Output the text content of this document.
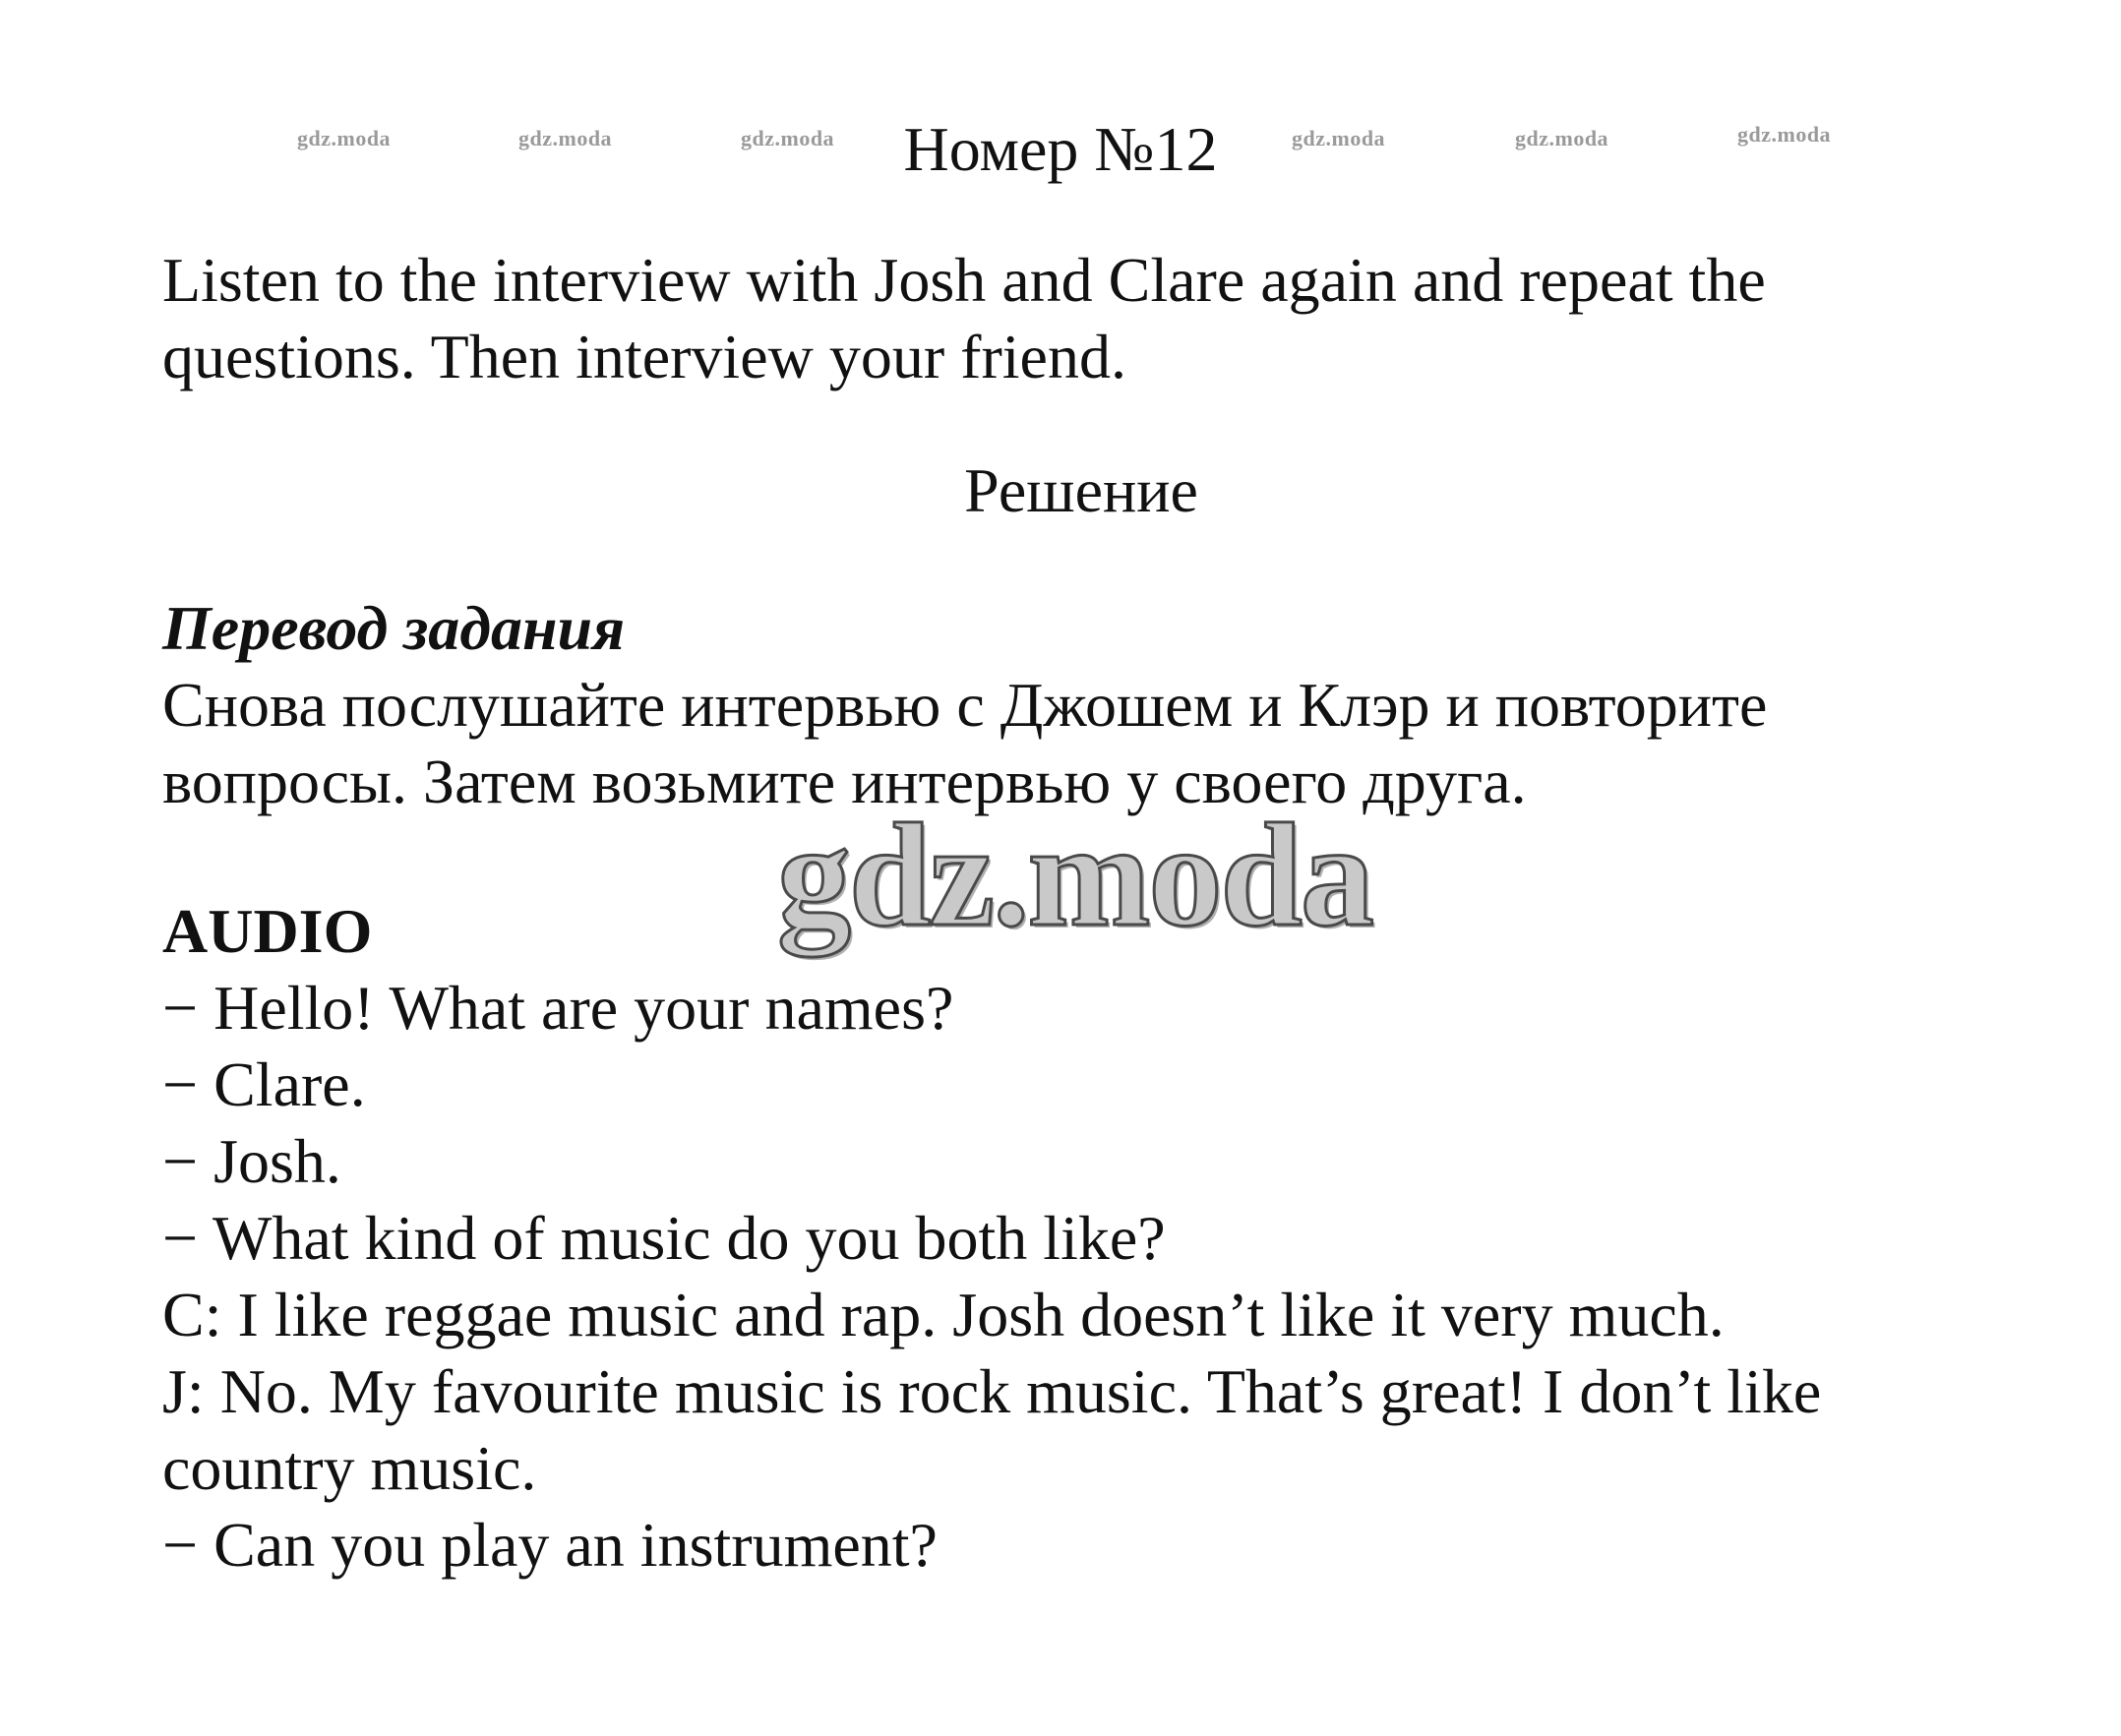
gdz.moda	gdz.moda	gdz.moda	gdz.moda	gdz.moda	gdz.moda
Номер №12
Listen to the interview with Josh and Clare again and repeat the
questions. Then interview your friend.
Решение
Перевод задания
Снова послушайте интервью с Джошем и Клэр и повторите
вопросы. Затем возьмите интервью у своего друга.
gdz.moda
AUDIO
− Hello! What are your names?
− Clare.
− Josh.
− What kind of music do you both like?
C: I like reggae music and rap. Josh doesn’t like it very much.
J: No. My favourite music is rock music. That’s great! I don’t like
country music.
− Can you play an instrument?
